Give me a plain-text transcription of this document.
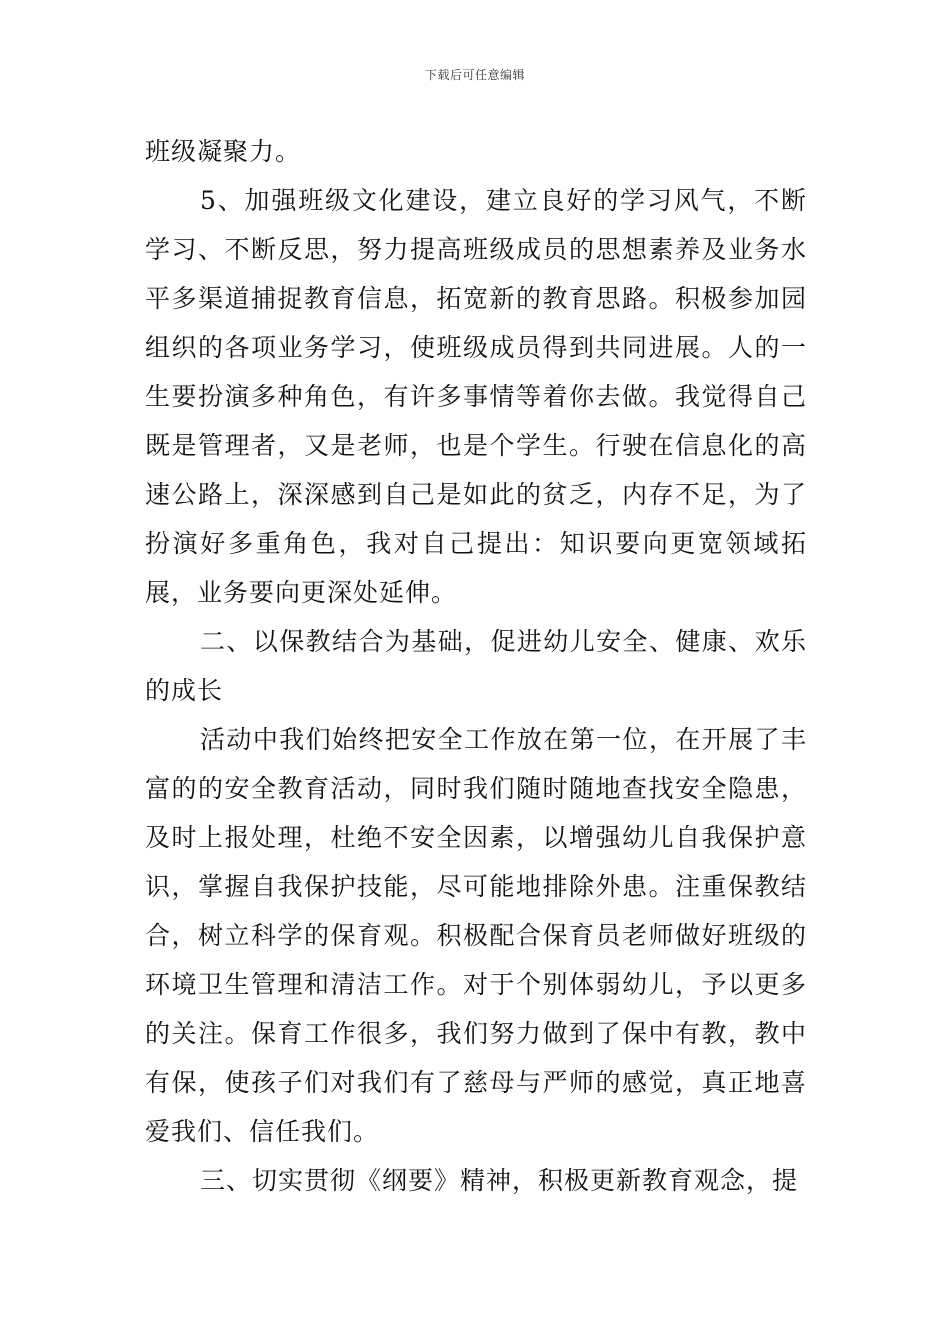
下载后可任意编辑

班级凝聚力。

5、加强班级文化建设，建立良好的学习风气，不断学习、不断反思，努力提高班级成员的思想素养及业务水平多渠道捕捉教育信息，拓宽新的教育思路。积极参加园组织的各项业务学习，使班级成员得到共同进展。人的一生要扮演多种角色，有许多事情等着你去做。我觉得自己既是管理者，又是老师，也是个学生。行驶在信息化的高速公路上，深深感到自己是如此的贫乏，内存不足，为了扮演好多重角色，我对自己提出：知识要向更宽领域拓展，业务要向更深处延伸。

二、以保教结合为基础，促进幼儿安全、健康、欢乐的成长

活动中我们始终把安全工作放在第一位，在开展了丰富的的安全教育活动，同时我们随时随地查找安全隐患，及时上报处理，杜绝不安全因素，以增强幼儿自我保护意识，掌握自我保护技能，尽可能地排除外患。注重保教结合，树立科学的保育观。积极配合保育员老师做好班级的环境卫生管理和清洁工作。对于个别体弱幼儿，予以更多的关注。保育工作很多，我们努力做到了保中有教，教中有保，使孩子们对我们有了慈母与严师的感觉，真正地喜爱我们、信任我们。

三、切实贯彻《纲要》精神，积极更新教育观念，提
